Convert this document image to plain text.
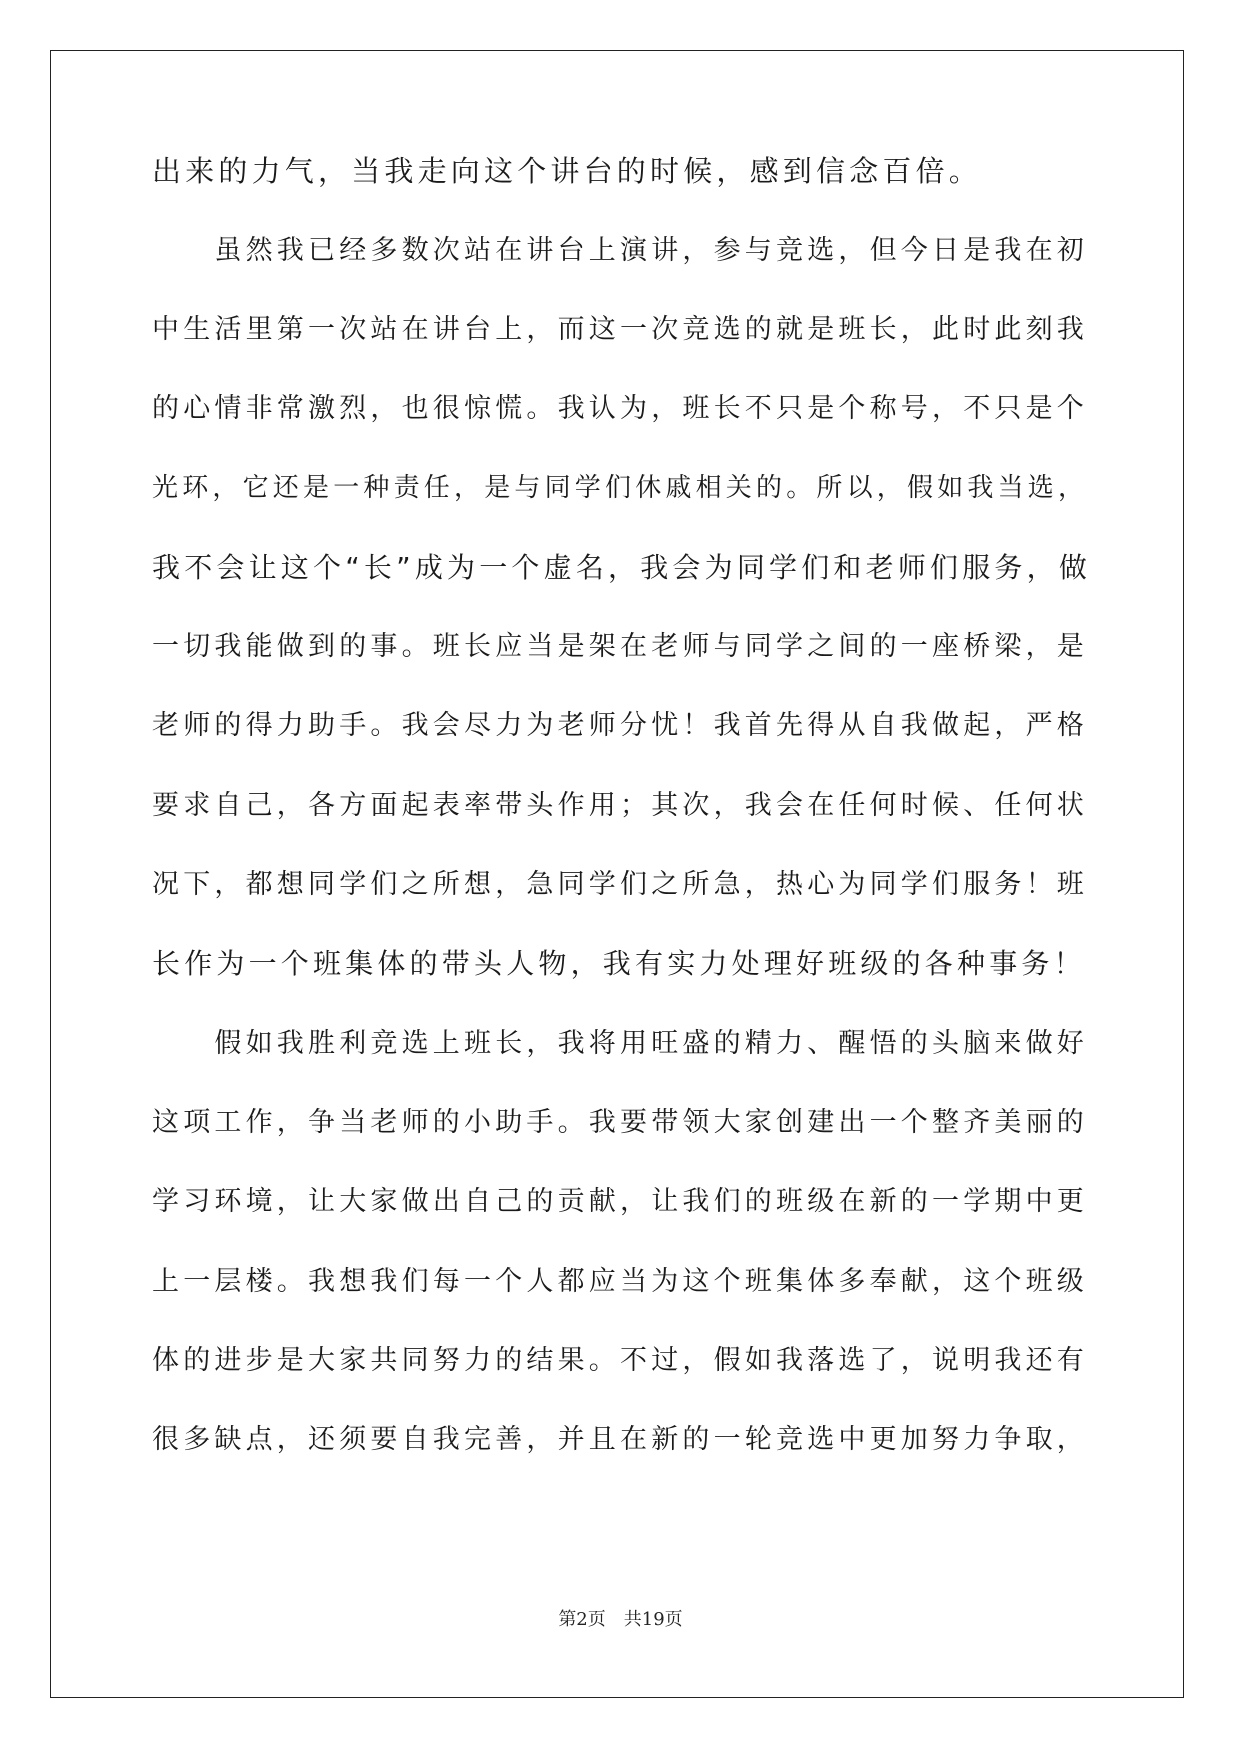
出来的力气，当我走向这个讲台的时候，感到信念百倍。
　　虽然我已经多数次站在讲台上演讲，参与竞选，但今日是我在初
中生活里第一次站在讲台上，而这一次竞选的就是班长，此时此刻我
的心情非常激烈，也很惊慌。我认为，班长不只是个称号，不只是个
光环，它还是一种责任，是与同学们休戚相关的。所以，假如我当选，
我不会让这个“长”成为一个虚名，我会为同学们和老师们服务，做
一切我能做到的事。班长应当是架在老师与同学之间的一座桥梁，是
老师的得力助手。我会尽力为老师分忧！我首先得从自我做起，严格
要求自己，各方面起表率带头作用；其次，我会在任何时候、任何状
况下，都想同学们之所想，急同学们之所急，热心为同学们服务！班
长作为一个班集体的带头人物，我有实力处理好班级的各种事务！
　　假如我胜利竞选上班长，我将用旺盛的精力、醒悟的头脑来做好
这项工作，争当老师的小助手。我要带领大家创建出一个整齐美丽的
学习环境，让大家做出自己的贡献，让我们的班级在新的一学期中更
上一层楼。我想我们每一个人都应当为这个班集体多奉献，这个班级
体的进步是大家共同努力的结果。不过，假如我落选了，说明我还有
很多缺点，还须要自我完善，并且在新的一轮竞选中更加努力争取，
第2页 共19页
